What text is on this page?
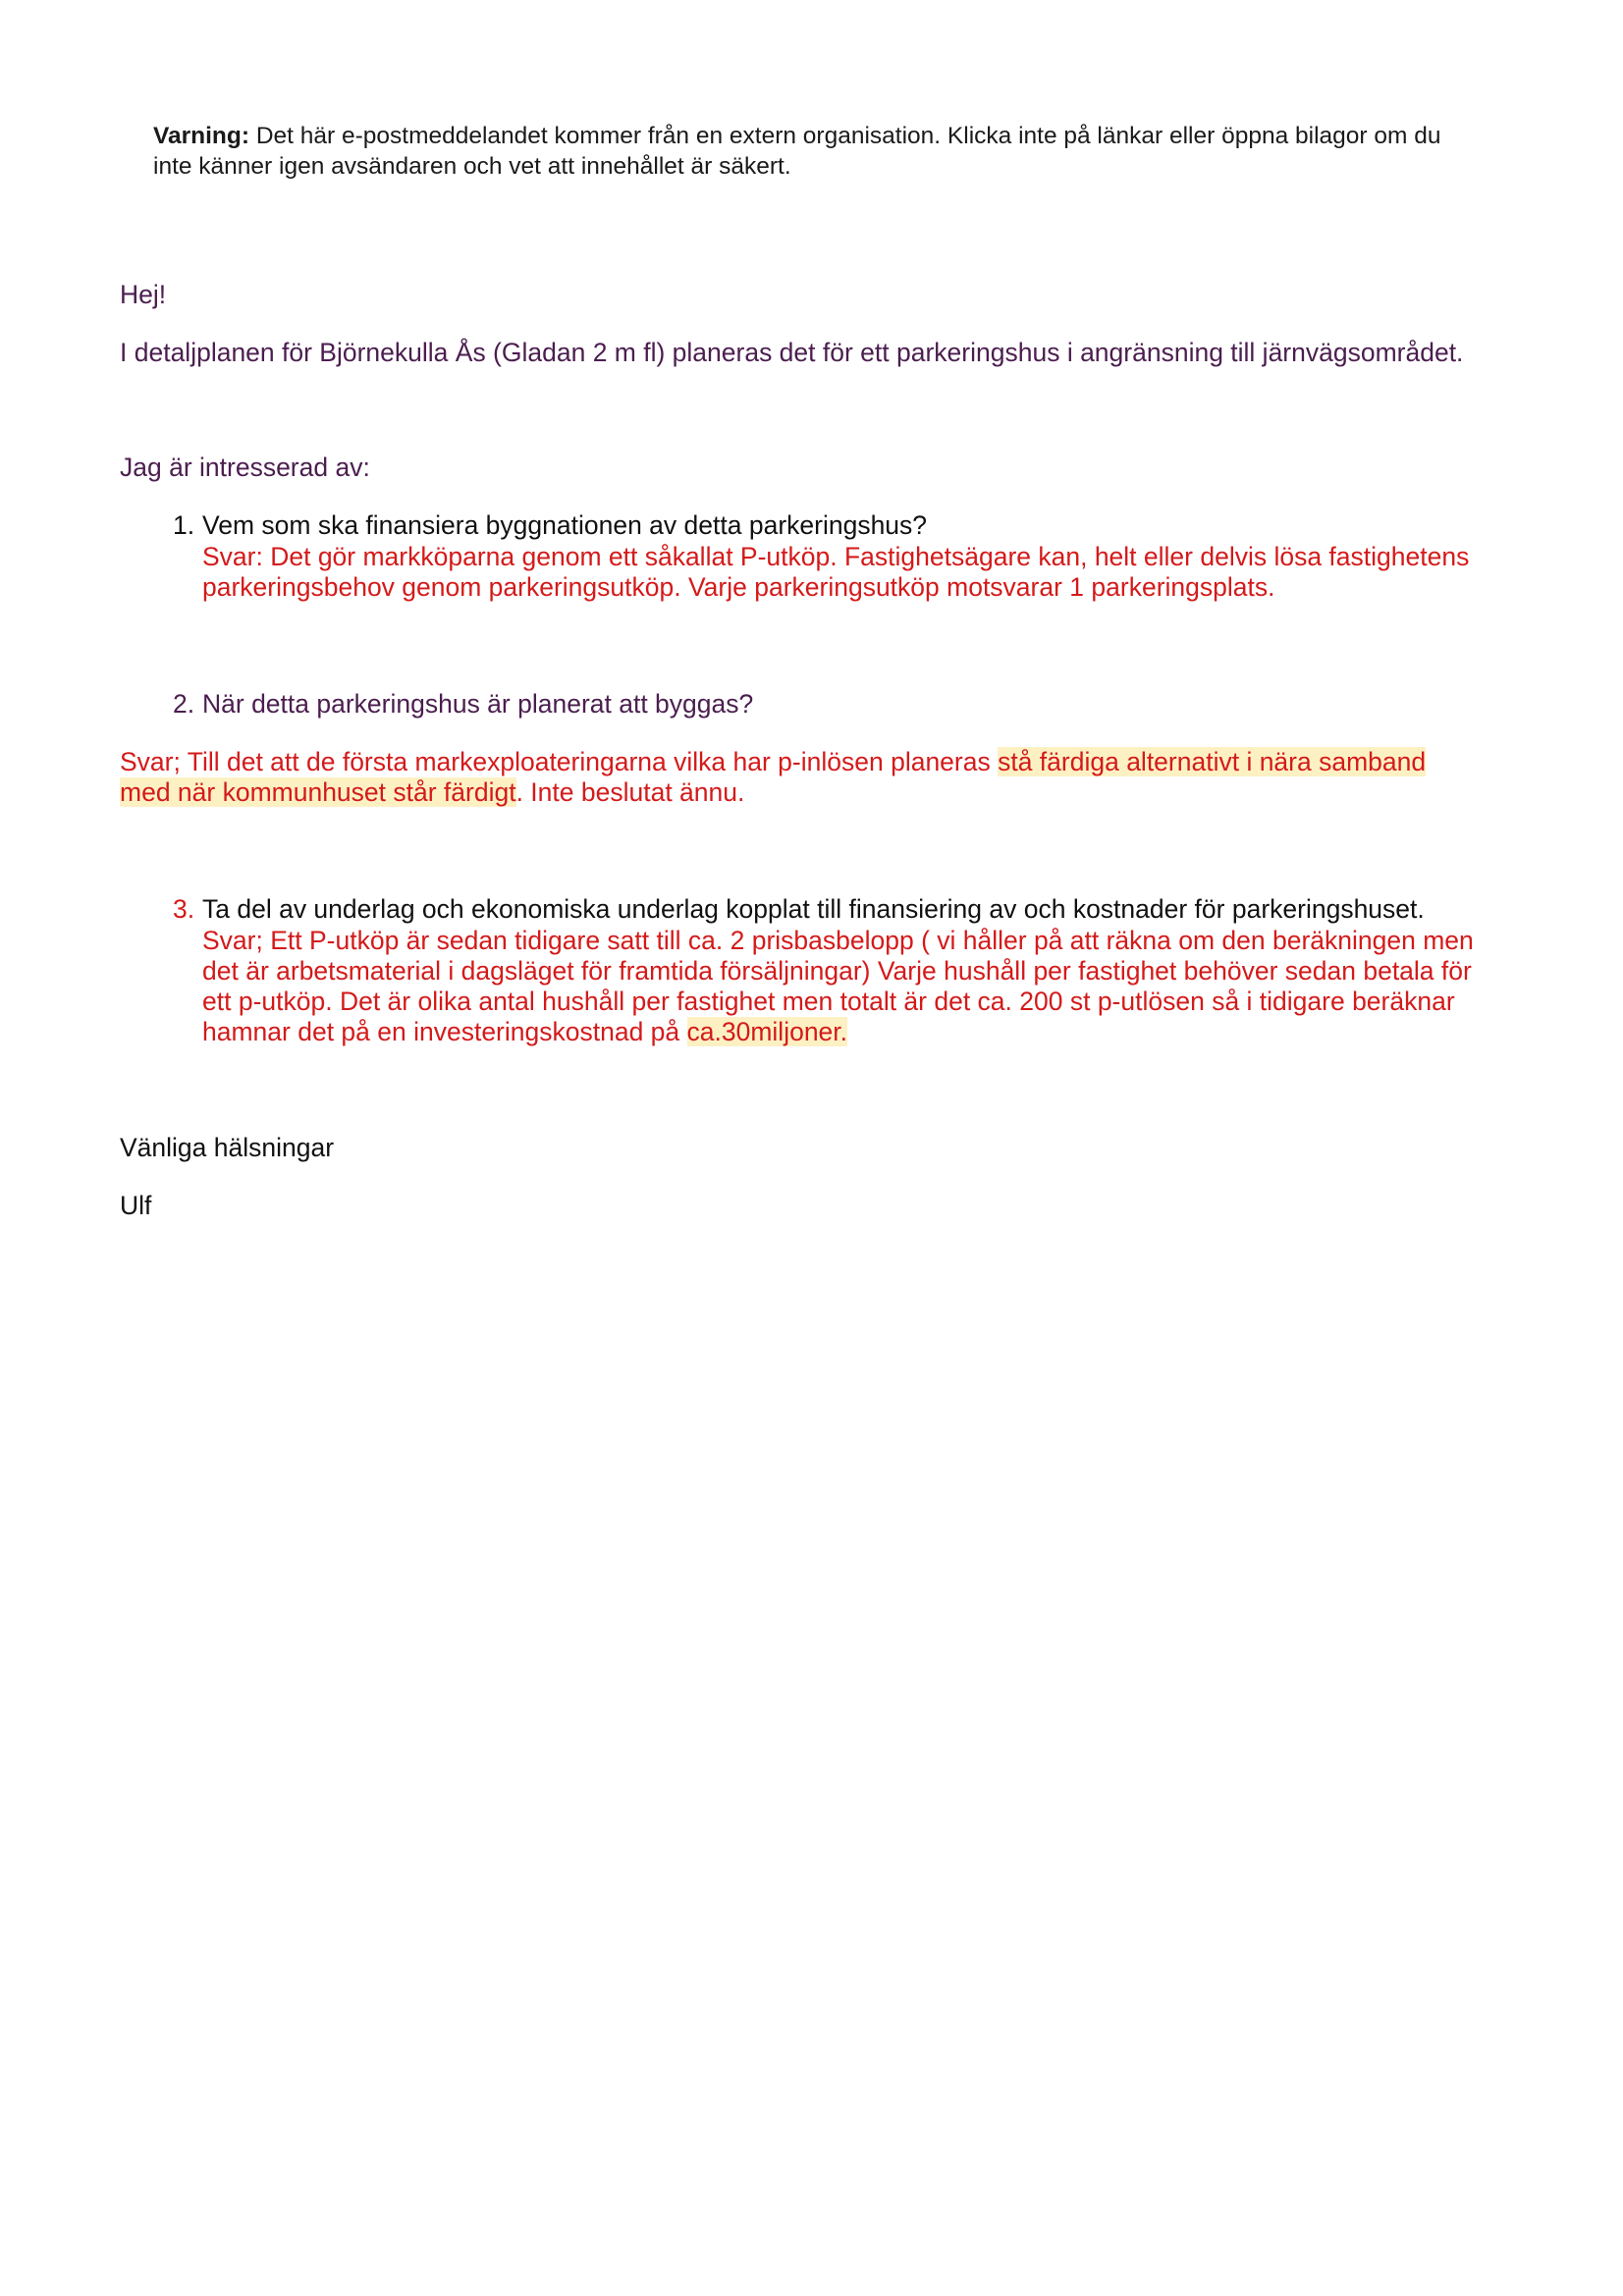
Varning: Det här e-postmeddelandet kommer från en extern organisation. Klicka inte på länkar eller öppna bilagor om du
inte känner igen avsändaren och vet att innehållet är säkert.
Hej!
I detaljplanen för Björnekulla Ås (Gladan 2 m fl) planeras det för ett parkeringshus i angränsning till järnvägsområdet.
Jag är intresserad av:
1. Vem som ska finansiera byggnationen av detta parkeringshus?
Svar: Det gör markköparna genom ett såkallat P-utköp. Fastighetsägare kan, helt eller delvis lösa fastighetens
parkeringsbehov genom parkeringsutköp. Varje parkeringsutköp motsvarar 1 parkeringsplats.
2. När detta parkeringshus är planerat att byggas?
Svar; Till det att de första markexploateringarna vilka har p-inlösen planeras stå färdiga alternativt i nära samband
med när kommunhuset står färdigt. Inte beslutat ännu.
3. Ta del av underlag och ekonomiska underlag kopplat till finansiering av och kostnader för parkeringshuset.
Svar; Ett P-utköp är sedan tidigare satt till ca. 2 prisbasbelopp ( vi håller på att räkna om den beräkningen men
det är arbetsmaterial i dagsläget för framtida försäljningar) Varje hushåll per fastighet behöver sedan betala för
ett p-utköp. Det är olika antal hushåll per fastighet men totalt är det ca. 200 st p-utlösen så i tidigare beräknar
hamnar det på en investeringskostnad på ca.30miljoner.
Vänliga hälsningar
Ulf
